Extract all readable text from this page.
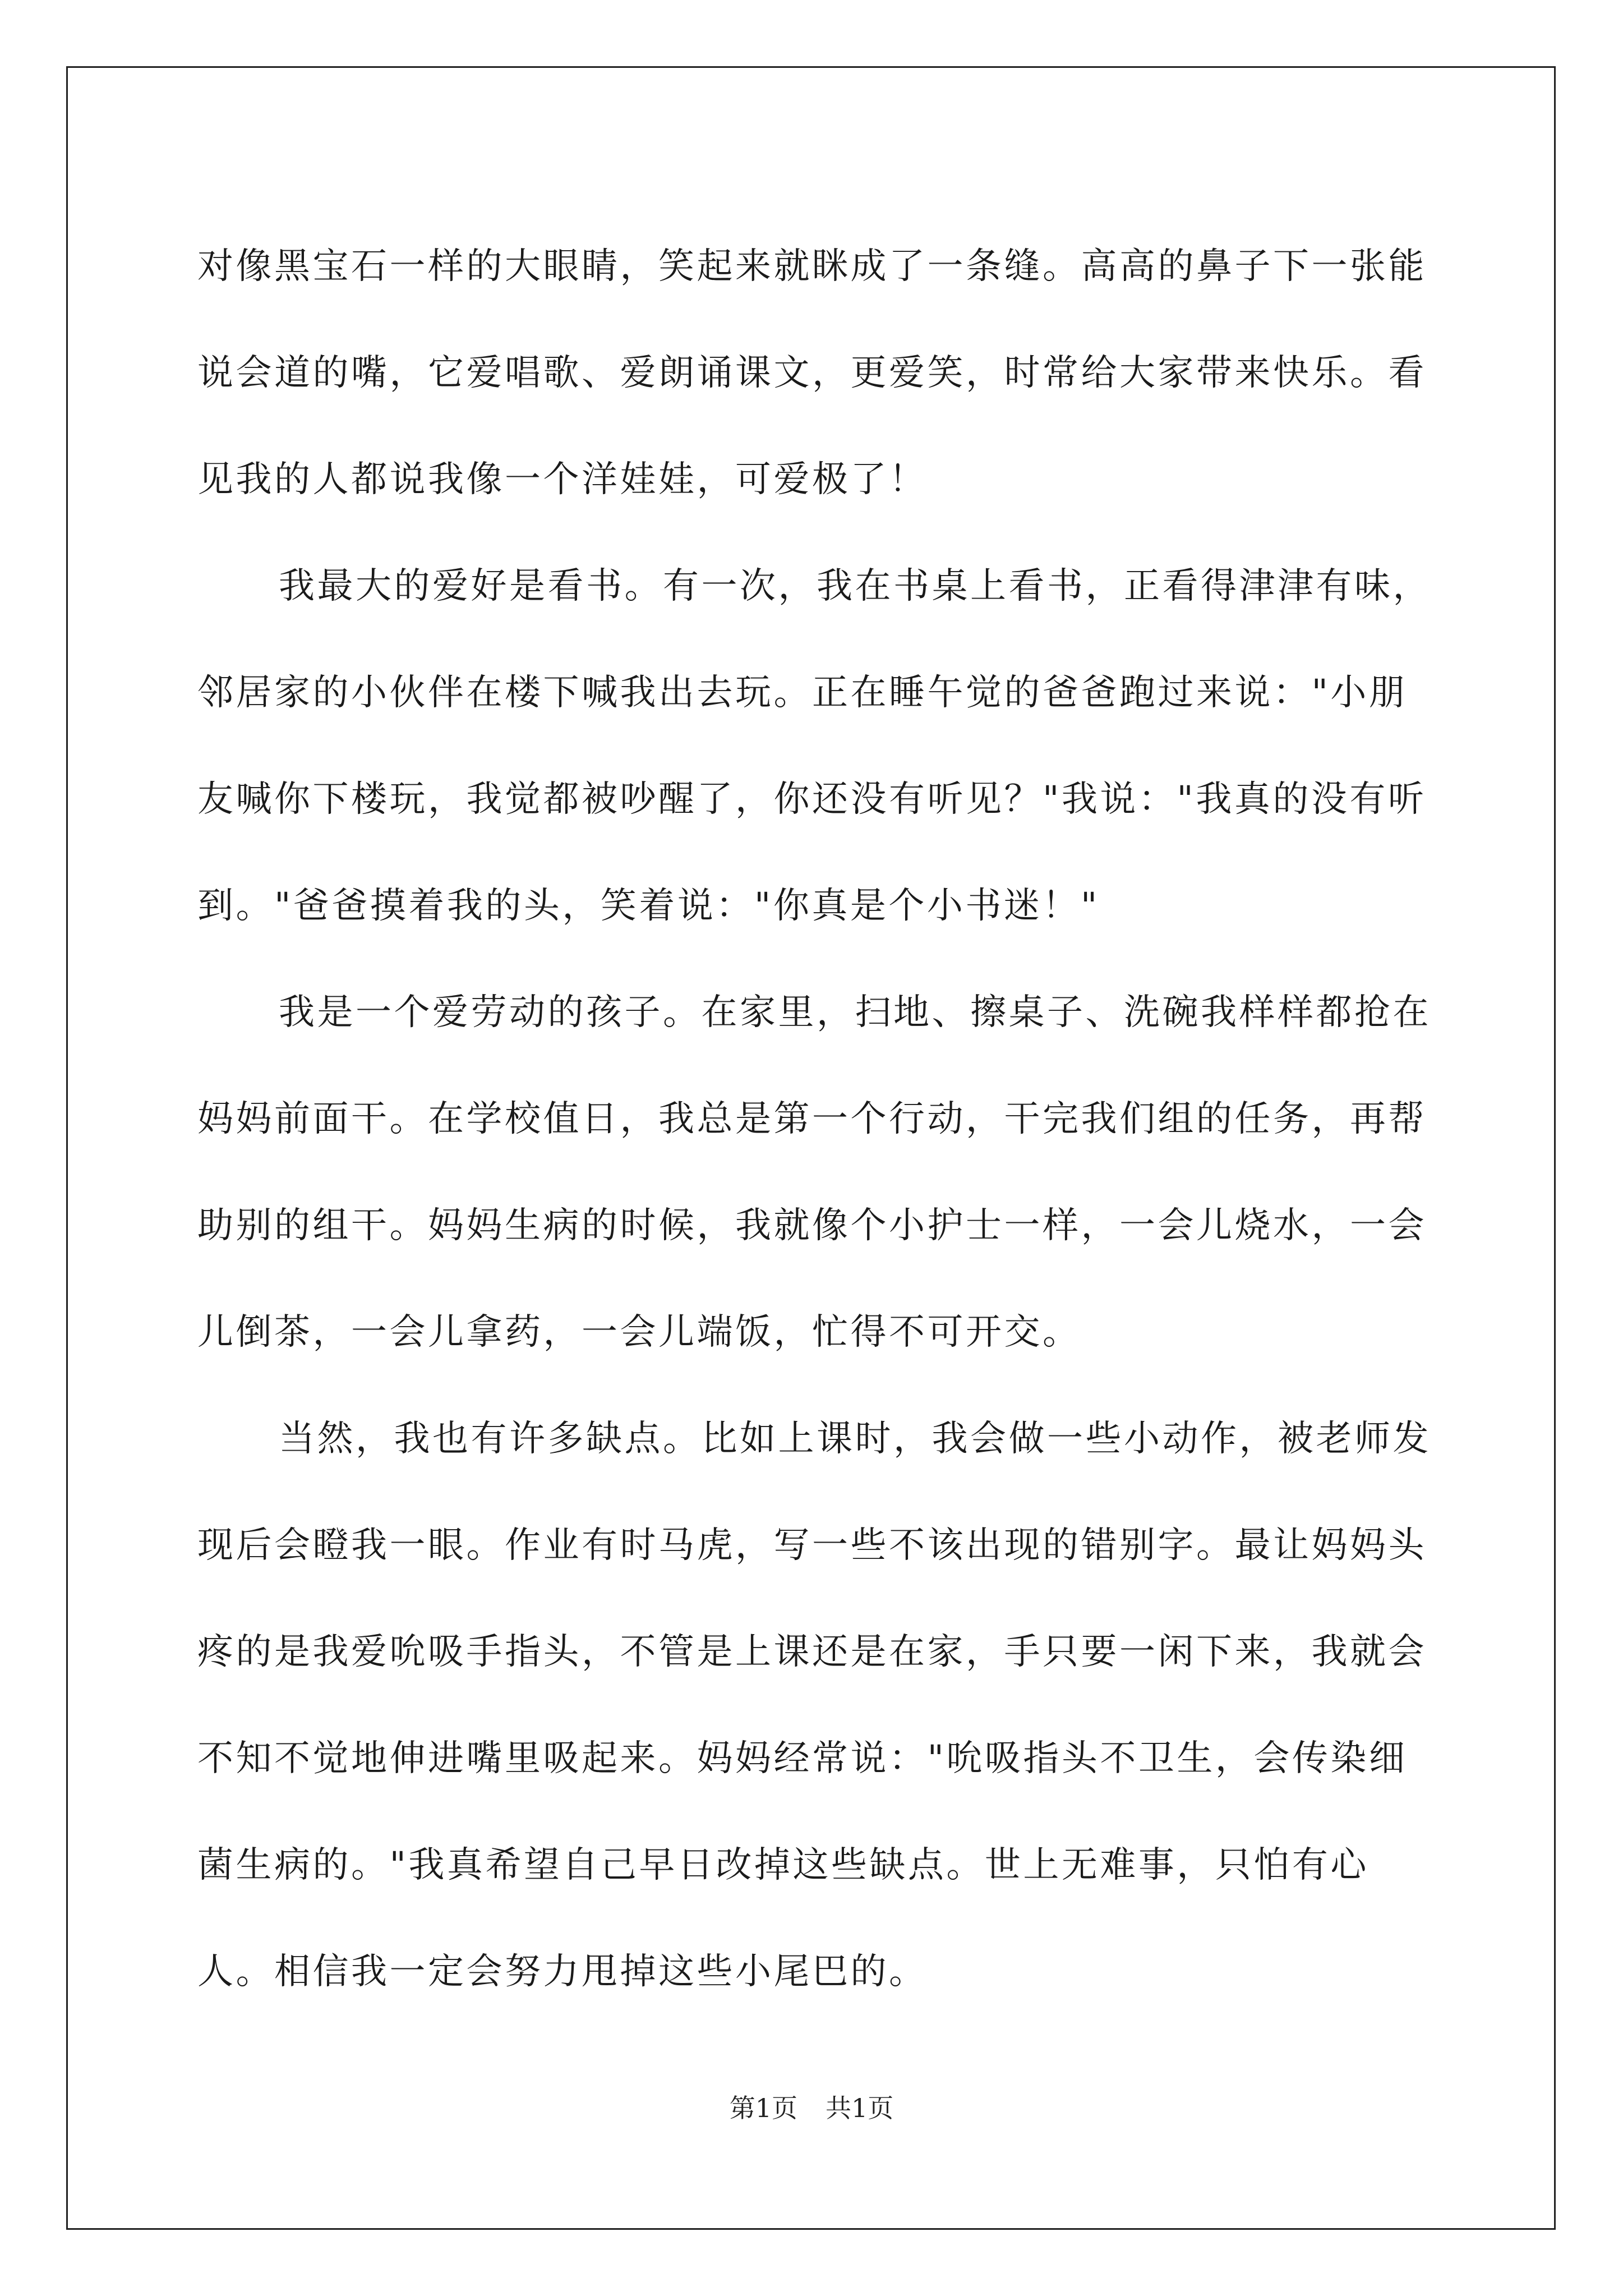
对像黑宝石一样的大眼睛，笑起来就眯成了一条缝。高高的鼻子下一张能说会道的嘴，它爱唱歌、爱朗诵课文，更爱笑，时常给大家带来快乐。看见我的人都说我像一个洋娃娃，可爱极了！

我最大的爱好是看书。有一次，我在书桌上看书，正看得津津有味，邻居家的小伙伴在楼下喊我出去玩。正在睡午觉的爸爸跑过来说："小朋友喊你下楼玩，我觉都被吵醒了，你还没有听见？"我说："我真的没有听到。"爸爸摸着我的头，笑着说："你真是个小书迷！"

我是一个爱劳动的孩子。在家里，扫地、擦桌子、洗碗我样样都抢在妈妈前面干。在学校值日，我总是第一个行动，干完我们组的任务，再帮助别的组干。妈妈生病的时候，我就像个小护士一样，一会儿烧水，一会儿倒茶，一会儿拿药，一会儿端饭，忙得不可开交。

当然，我也有许多缺点。比如上课时，我会做一些小动作，被老师发现后会瞪我一眼。作业有时马虎，写一些不该出现的错别字。最让妈妈头疼的是我爱吮吸手指头，不管是上课还是在家，手只要一闲下来，我就会不知不觉地伸进嘴里吸起来。妈妈经常说："吮吸指头不卫生，会传染细菌生病的。"我真希望自己早日改掉这些缺点。世上无难事，只怕有心人。相信我一定会努力甩掉这些小尾巴的。

第1页 共1页
